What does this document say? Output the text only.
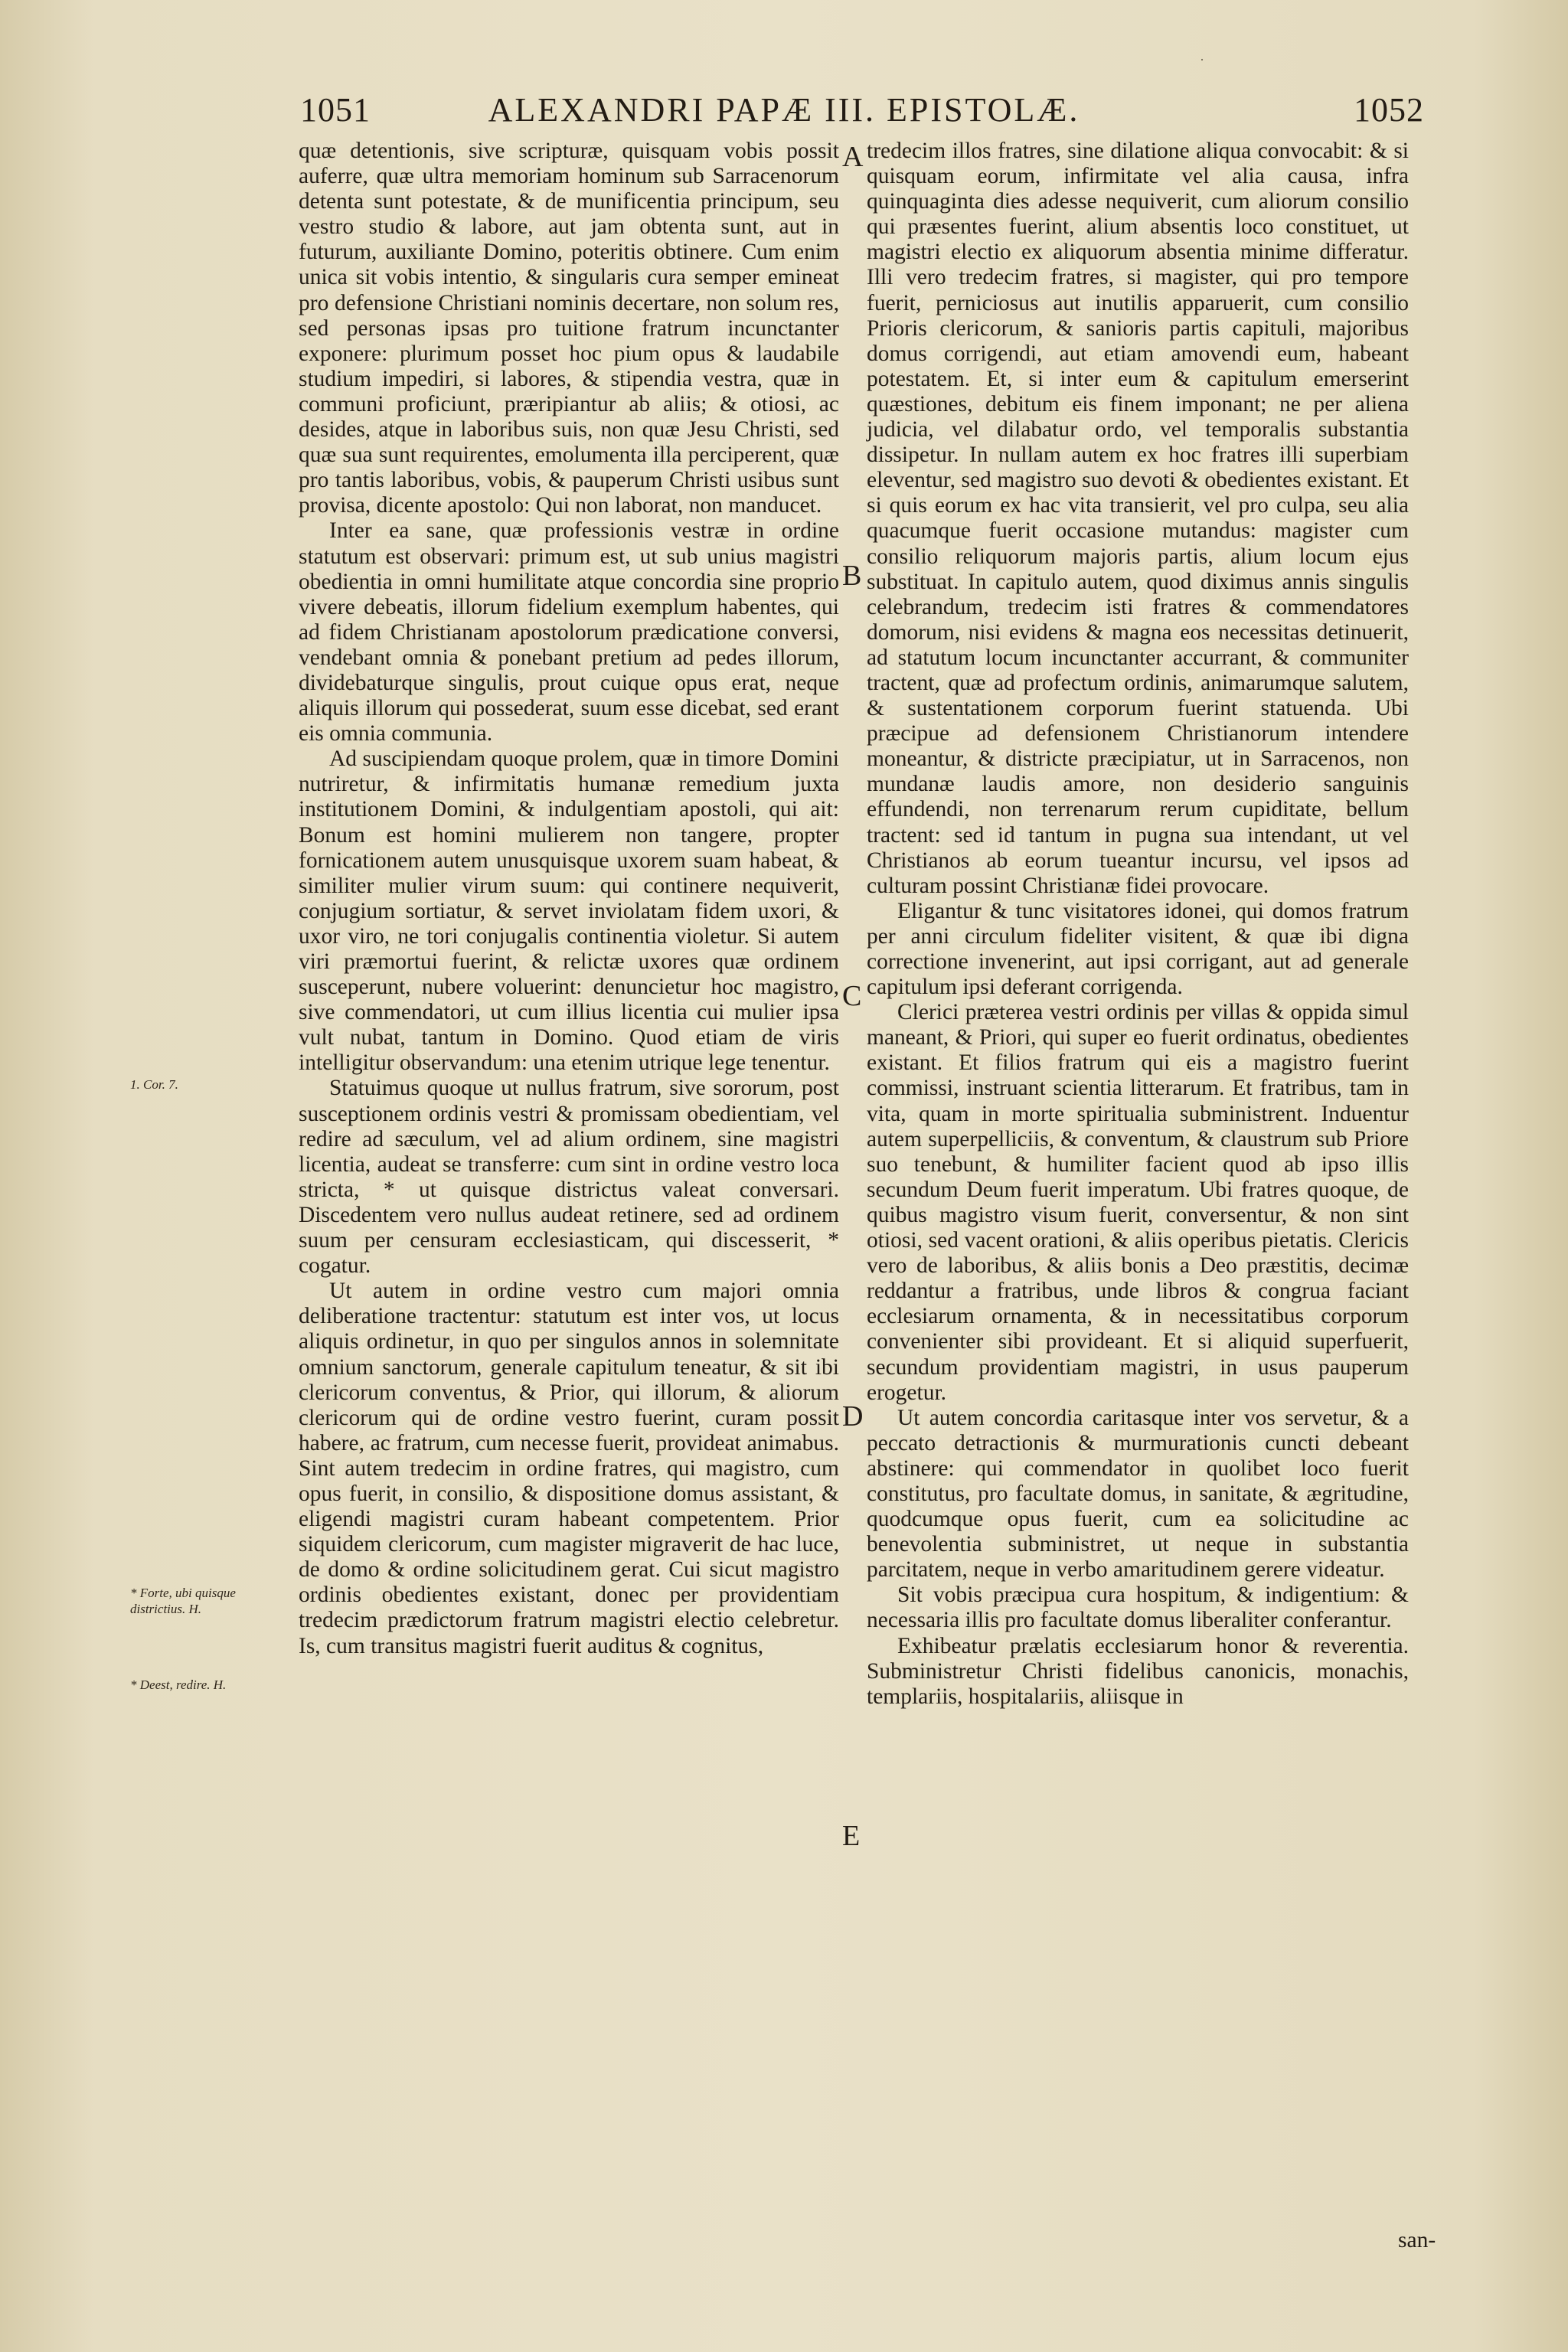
·
1051	ALEXANDRI PAPÆ III. EPISTOLÆ.	1052

quæ detentionis, sive scripturæ, quisquam vobis possit auferre, quæ ultra memoriam hominum sub Sarracenorum detenta sunt potestate, & de munificentia principum, seu vestro studio & labore, aut jam obtenta sunt, aut in futurum, auxiliante Domino, poteritis obtinere. Cum enim unica sit vobis intentio, & singularis cura semper emineat pro defensione Christiani nominis decertare, non solum res, sed personas ipsas pro tuitione fratrum incunctanter exponere: plurimum posset hoc pium opus & laudabile studium impediri, si labores, & stipendia vestra, quæ in communi proficiunt, præripiantur ab aliis; & otiosi, ac desides, atque in laboribus suis, non quæ Jesu Christi, sed quæ sua sunt requirentes, emolumenta illa perciperent, quæ pro tantis laboribus, vobis, & pauperum Christi usibus sunt provisa, dicente apostolo: Qui non laborat, non manducet.

Inter ea sane, quæ professionis vestræ in ordine statutum est observari: primum est, ut sub unius magistri obedientia in omni humilitate atque concordia sine proprio vivere debeatis, illorum fidelium exemplum habentes, qui ad fidem Christianam apostolorum prædicatione conversi, vendebant omnia & ponebant pretium ad pedes illorum, dividebaturque singulis, prout cuique opus erat, neque aliquis illorum qui possederat, suum esse dicebat, sed erant eis omnia communia.

Ad suscipiendam quoque prolem, quæ in timore Domini nutriretur, & infirmitatis humanæ remedium juxta institutionem Domini, & indulgentiam apostoli, qui ait: Bonum est homini mulierem non tangere, propter fornicationem autem unusquisque uxorem suam habeat, & similiter mulier virum suum: qui continere nequiverit, conjugium sortiatur, & servet inviolatam fidem uxori, & uxor viro, ne tori conjugalis continentia violetur. Si autem viri præmortui fuerint, & relictæ uxores quæ ordinem susceperunt, nubere voluerint: denuncietur hoc magistro, sive commendatori, ut cum illius licentia cui mulier ipsa vult nubat, tantum in Domino. Quod etiam de viris intelligitur observandum: una etenim utrique lege tenentur.

Statuimus quoque ut nullus fratrum, sive sororum, post susceptionem ordinis vestri & promissam obedientiam, vel redire ad sæculum, vel ad alium ordinem, sine magistri licentia, audeat se transferre: cum sint in ordine vestro loca stricta, * ut quisque districtus valeat conversari. Discedentem vero nullus audeat retinere, sed ad ordinem suum per censuram ecclesiasticam, qui discesserit, * cogatur.

Ut autem in ordine vestro cum majori omnia deliberatione tractentur: statutum est inter vos, ut locus aliquis ordinetur, in quo per singulos annos in solemnitate omnium sanctorum, generale capitulum teneatur, & sit ibi clericorum conventus, & Prior, qui illorum, & aliorum clericorum qui de ordine vestro fuerint, curam possit habere, ac fratrum, cum necesse fuerit, provideat animabus. Sint autem tredecim in ordine fratres, qui magistro, cum opus fuerit, in consilio, & dispositione domus assistant, & eligendi magistri curam habeant competentem. Prior siquidem clericorum, cum magister migraverit de hac luce, de domo & ordine solicitudinem gerat. Cui sicut magistro ordinis obedientes existant, donec per providentiam tredecim prædictorum fratrum magistri electio celebretur. Is, cum transitus magistri fuerit auditus & cognitus,

tredecim illos fratres, sine dilatione aliqua convocabit: & si quisquam eorum, infirmitate vel alia causa, infra quinquaginta dies adesse nequiverit, cum aliorum consilio qui præsentes fuerint, alium absentis loco constituet, ut magistri electio ex aliquorum absentia minime differatur. Illi vero tredecim fratres, si magister, qui pro tempore fuerit, perniciosus aut inutilis apparuerit, cum consilio Prioris clericorum, & sanioris partis capituli, majoribus domus corrigendi, aut etiam amovendi eum, habeant potestatem. Et, si inter eum & capitulum emerserint quæstiones, debitum eis finem imponant; ne per aliena judicia, vel dilabatur ordo, vel temporalis substantia dissipetur. In nullam autem ex hoc fratres illi superbiam eleventur, sed magistro suo devoti & obedientes existant. Et si quis eorum ex hac vita transierit, vel pro culpa, seu alia quacumque fuerit occasione mutandus: magister cum consilio reliquorum majoris partis, alium locum ejus substituat. In capitulo autem, quod diximus annis singulis celebrandum, tredecim isti fratres & commendatores domorum, nisi evidens & magna eos necessitas detinuerit, ad statutum locum incunctanter accurrant, & communiter tractent, quæ ad profectum ordinis, animarumque salutem, & sustentationem corporum fuerint statuenda. Ubi præcipue ad defensionem Christianorum intendere moneantur, & districte præcipiatur, ut in Sarracenos, non mundanæ laudis amore, non desiderio sanguinis effundendi, non terrenarum rerum cupiditate, bellum tractent: sed id tantum in pugna sua intendant, ut vel Christianos ab eorum tueantur incursu, vel ipsos ad culturam possint Christianæ fidei provocare.

Eligantur & tunc visitatores idonei, qui domos fratrum per anni circulum fideliter visitent, & quæ ibi digna correctione invenerint, aut ipsi corrigant, aut ad generale capitulum ipsi deferant corrigenda.

Clerici præterea vestri ordinis per villas & oppida simul maneant, & Priori, qui super eo fuerit ordinatus, obedientes existant. Et filios fratrum qui eis a magistro fuerint commissi, instruant scientia litterarum. Et fratribus, tam in vita, quam in morte spiritualia subministrent. Induentur autem superpelliciis, & conventum, & claustrum sub Priore suo tenebunt, & humiliter facient quod ab ipso illis secundum Deum fuerit imperatum. Ubi fratres quoque, de quibus magistro visum fuerit, conversentur, & non sint otiosi, sed vacent orationi, & aliis operibus pietatis. Clericis vero de laboribus, & aliis bonis a Deo præstitis, decimæ reddantur a fratribus, unde libros & congrua faciant ecclesiarum ornamenta, & in necessitatibus corporum convenienter sibi provideant. Et si aliquid superfuerit, secundum providentiam magistri, in usus pauperum erogetur.

Ut autem concordia caritasque inter vos servetur, & a peccato detractionis & murmurationis cuncti debeant abstinere: qui commendator in quolibet loco fuerit constitutus, pro facultate domus, in sanitate, & ægritudine, quodcumque opus fuerit, cum ea solicitudine ac benevolentia subministret, ut neque in substantia parcitatem, neque in verbo amaritudinem gerere videatur.

Sit vobis præcipua cura hospitum, & indigentium: & necessaria illis pro facultate domus liberaliter conferantur.

Exhibeatur prælatis ecclesiarum honor & reverentia. Subministretur Christi fidelibus canonicis, monachis, templariis, hospitalariis, aliisque in

A
B
C
D
E
1. Cor. 7.
* Forte, ubi quisque districtius. H.
* Deest, redire. H.
san-
